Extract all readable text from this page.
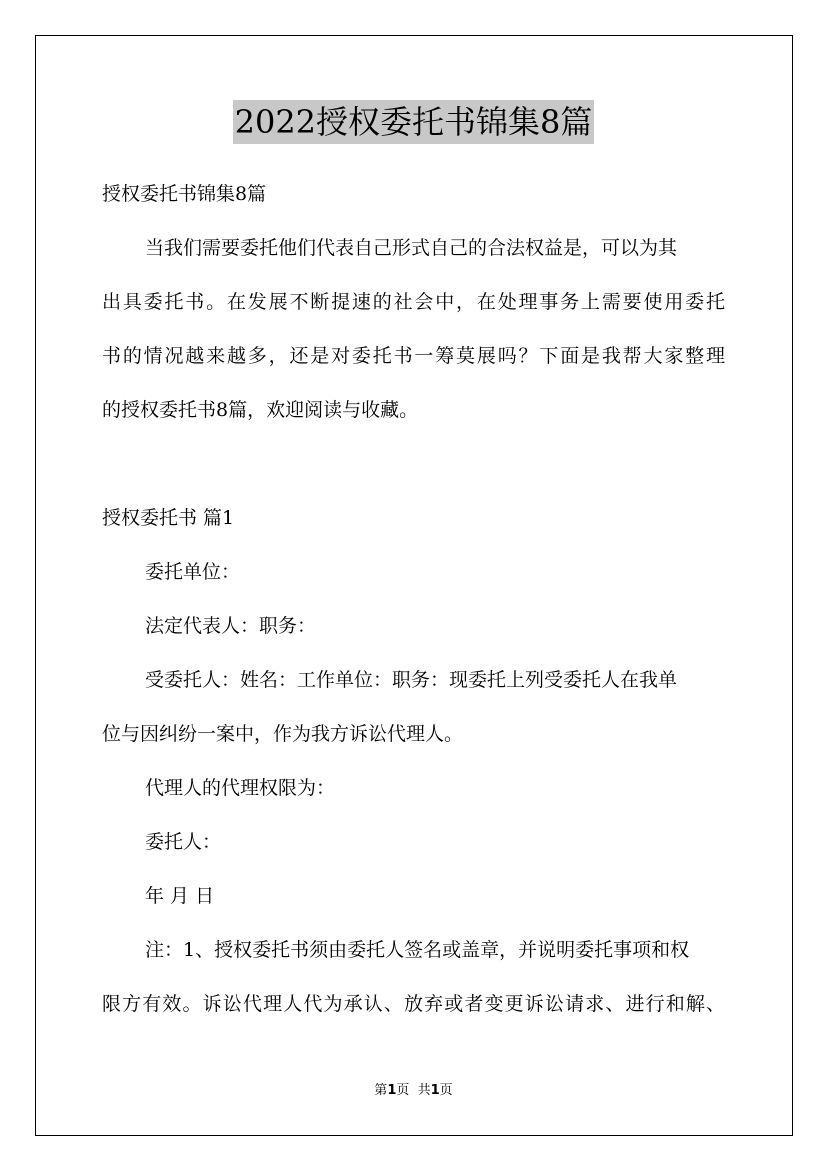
2022授权委托书锦集8篇

授权委托书锦集8篇

当我们需要委托他们代表自己形式自己的合法权益是，可以为其

出具委托书。在发展不断提速的社会中，在处理事务上需要使用委托

书的情况越来越多，还是对委托书一筹莫展吗？下面是我帮大家整理

的授权委托书8篇，欢迎阅读与收藏。

授权委托书 篇1

委托单位：

法定代表人：职务：

受委托人：姓名：工作单位：职务：现委托上列受委托人在我单

位与因纠纷一案中，作为我方诉讼代理人。

代理人的代理权限为：

委托人：

年 月 日

注：1、授权委托书须由委托人签名或盖章，并说明委托事项和权

限方有效。诉讼代理人代为承认、放弃或者变更诉讼请求、进行和解、

第1页  共1页
